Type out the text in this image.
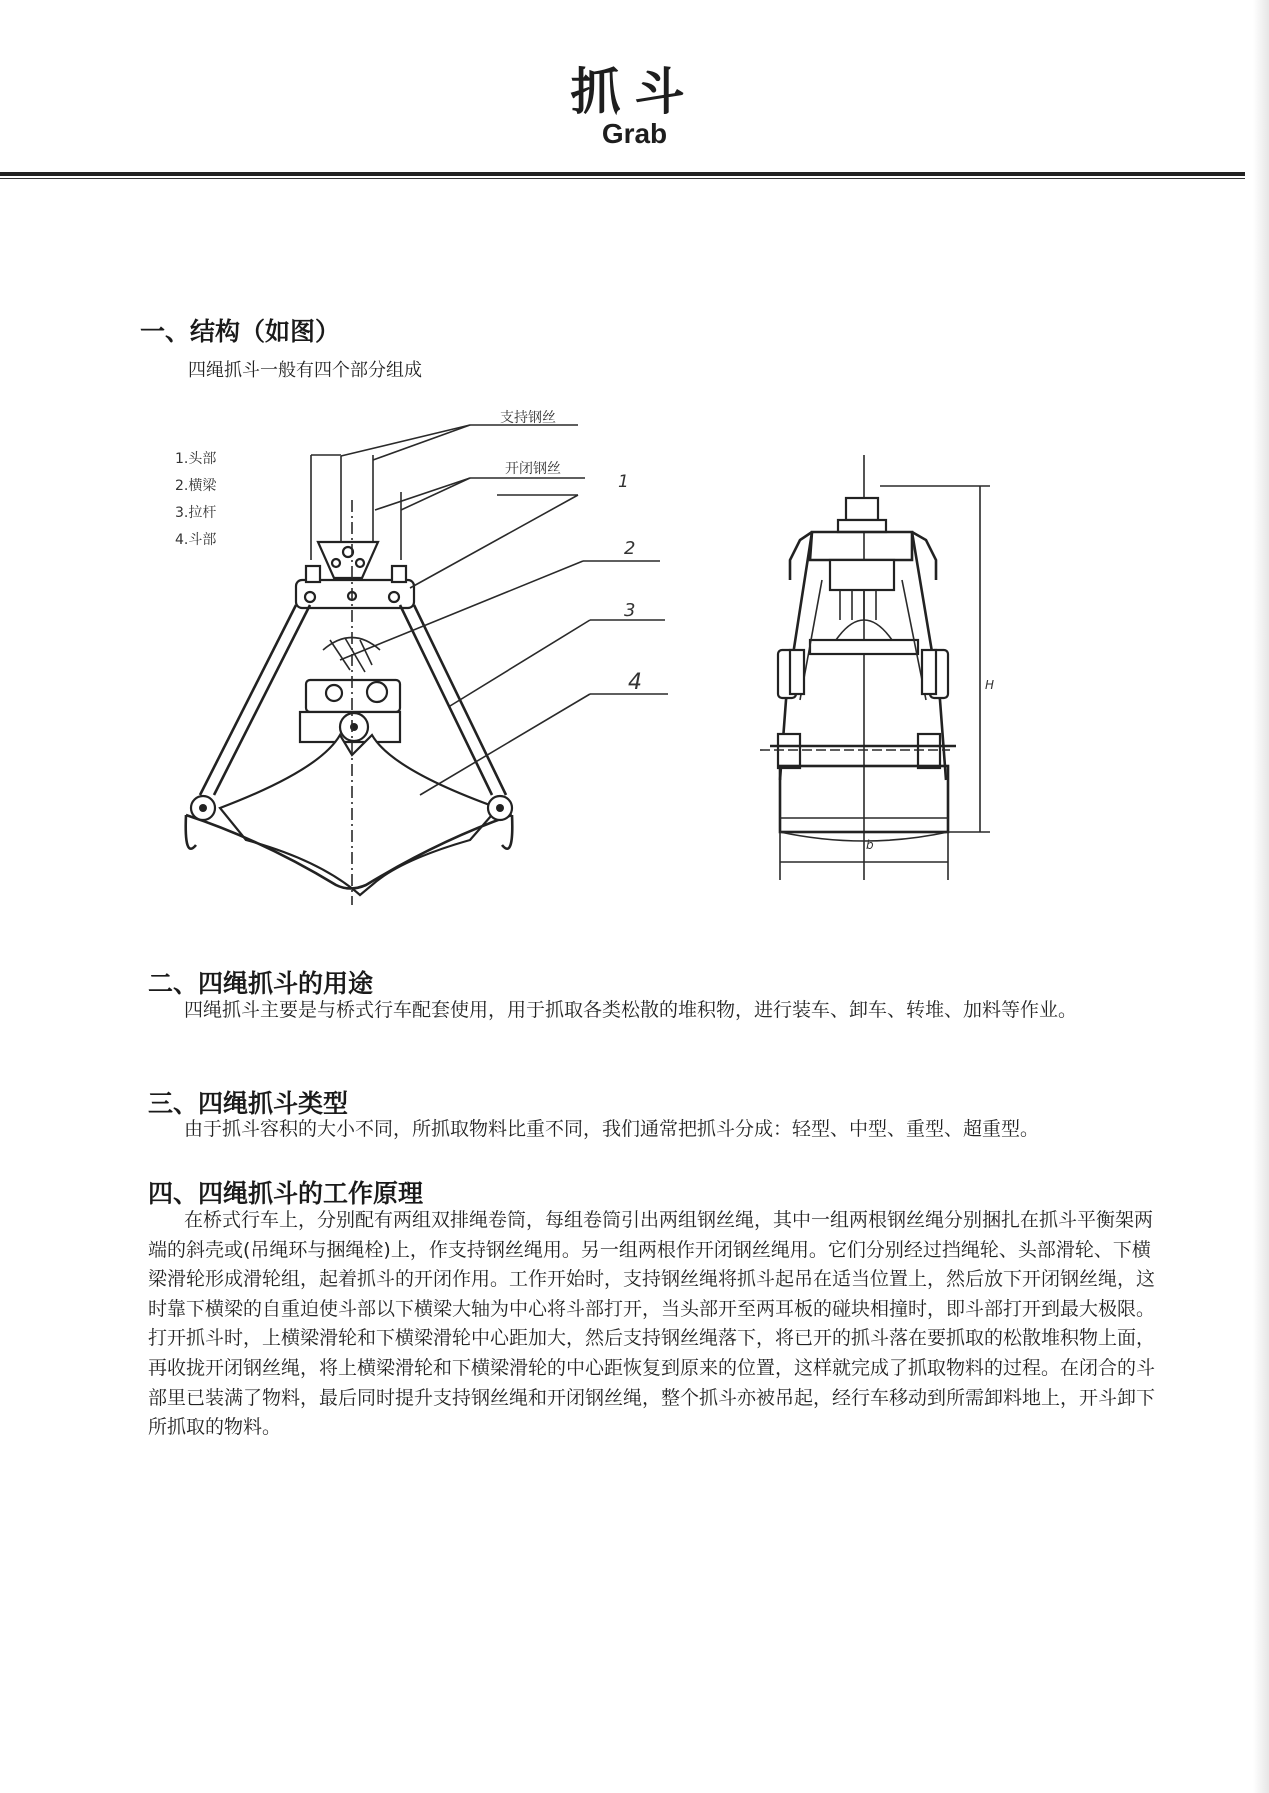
抓斗
Grab
一、结构（如图）
四绳抓斗一般有四个部分组成
1.头部
2.横梁
3.拉杆
4.斗部
支持钢丝
开闭钢丝
1
2
3
4	H
b
二、四绳抓斗的用途
四绳抓斗主要是与桥式行车配套使用，用于抓取各类松散的堆积物，进行装车、卸车、转堆、加料等作业。
三、四绳抓斗类型
由于抓斗容积的大小不同，所抓取物料比重不同，我们通常把抓斗分成：轻型、中型、重型、超重型。
四、四绳抓斗的工作原理
在桥式行车上，分别配有两组双排绳卷筒，每组卷筒引出两组钢丝绳，其中一组两根钢丝绳分别捆扎在抓斗平衡架两端的斜壳或(吊绳环与捆绳栓)上，作支持钢丝绳用。另一组两根作开闭钢丝绳用。它们分别经过挡绳轮、头部滑轮、下横梁滑轮形成滑轮组，起着抓斗的开闭作用。工作开始时，支持钢丝绳将抓斗起吊在适当位置上，然后放下开闭钢丝绳，这时靠下横梁的自重迫使斗部以下横梁大轴为中心将斗部打开，当头部开至两耳板的碰块相撞时，即斗部打开到最大极限。打开抓斗时，上横梁滑轮和下横梁滑轮中心距加大，然后支持钢丝绳落下，将已开的抓斗落在要抓取的松散堆积物上面，再收拢开闭钢丝绳，将上横梁滑轮和下横梁滑轮的中心距恢复到原来的位置，这样就完成了抓取物料的过程。在闭合的斗部里已装满了物料，最后同时提升支持钢丝绳和开闭钢丝绳，整个抓斗亦被吊起，经行车移动到所需卸料地上，开斗卸下所抓取的物料。
